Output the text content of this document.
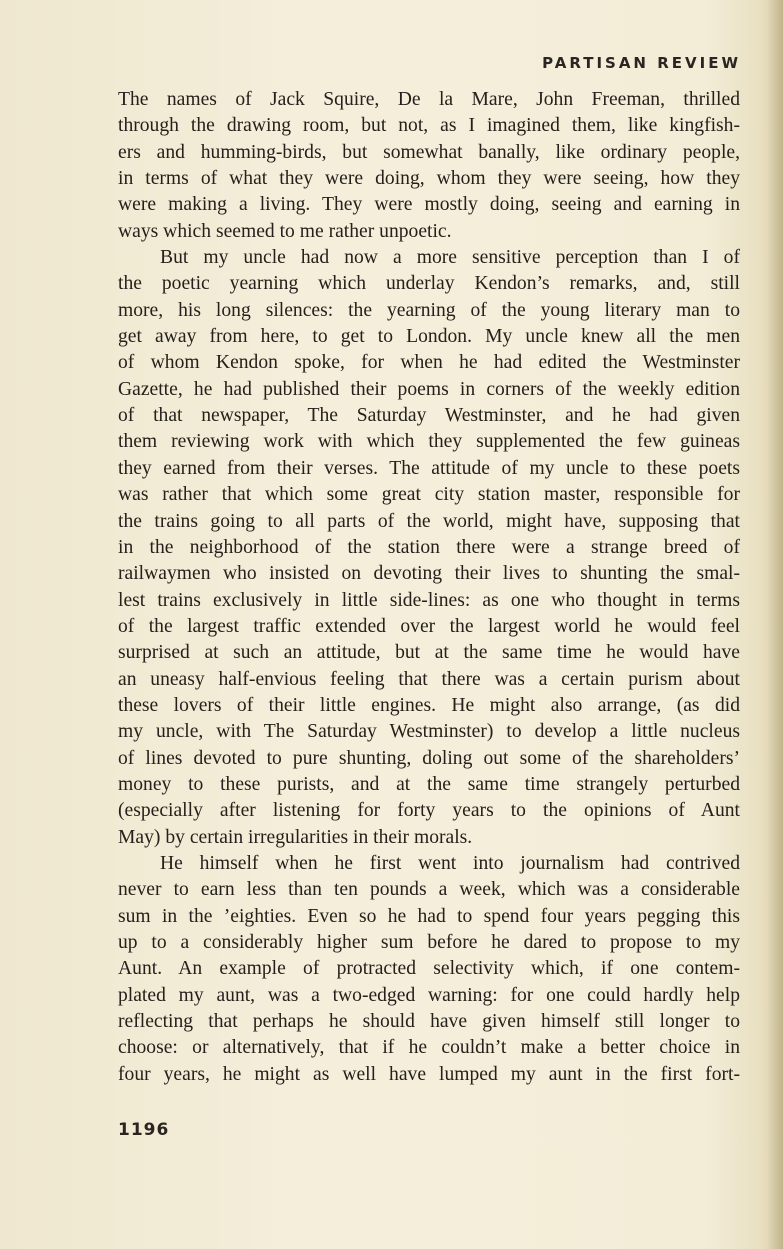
PARTISAN REVIEW
The names of Jack Squire, De la Mare, John Freeman, thrilled
through the drawing room, but not, as I imagined them, like kingfish-
ers and humming-birds, but somewhat banally, like ordinary people,
in terms of what they were doing, whom they were seeing, how they
were making a living. They were mostly doing, seeing and earning in
ways which seemed to me rather unpoetic.
But my uncle had now a more sensitive perception than I of
the poetic yearning which underlay Kendon’s remarks, and, still
more, his long silences: the yearning of the young literary man to
get away from here, to get to London. My uncle knew all the men
of whom Kendon spoke, for when he had edited the Westminster
Gazette, he had published their poems in corners of the weekly edition
of that newspaper, The Saturday Westminster, and he had given
them reviewing work with which they supplemented the few guineas
they earned from their verses. The attitude of my uncle to these poets
was rather that which some great city station master, responsible for
the trains going to all parts of the world, might have, supposing that
in the neighborhood of the station there were a strange breed of
railwaymen who insisted on devoting their lives to shunting the smal-
lest trains exclusively in little side-lines: as one who thought in terms
of the largest traffic extended over the largest world he would feel
surprised at such an attitude, but at the same time he would have
an uneasy half-envious feeling that there was a certain purism about
these lovers of their little engines. He might also arrange, (as did
my uncle, with The Saturday Westminster) to develop a little nucleus
of lines devoted to pure shunting, doling out some of the shareholders’
money to these purists, and at the same time strangely perturbed
(especially after listening for forty years to the opinions of Aunt
May) by certain irregularities in their morals.
He himself when he first went into journalism had contrived
never to earn less than ten pounds a week, which was a considerable
sum in the ’eighties. Even so he had to spend four years pegging this
up to a considerably higher sum before he dared to propose to my
Aunt. An example of protracted selectivity which, if one contem-
plated my aunt, was a two-edged warning: for one could hardly help
reflecting that perhaps he should have given himself still longer to
choose: or alternatively, that if he couldn’t make a better choice in
four years, he might as well have lumped my aunt in the first fort-
1196
